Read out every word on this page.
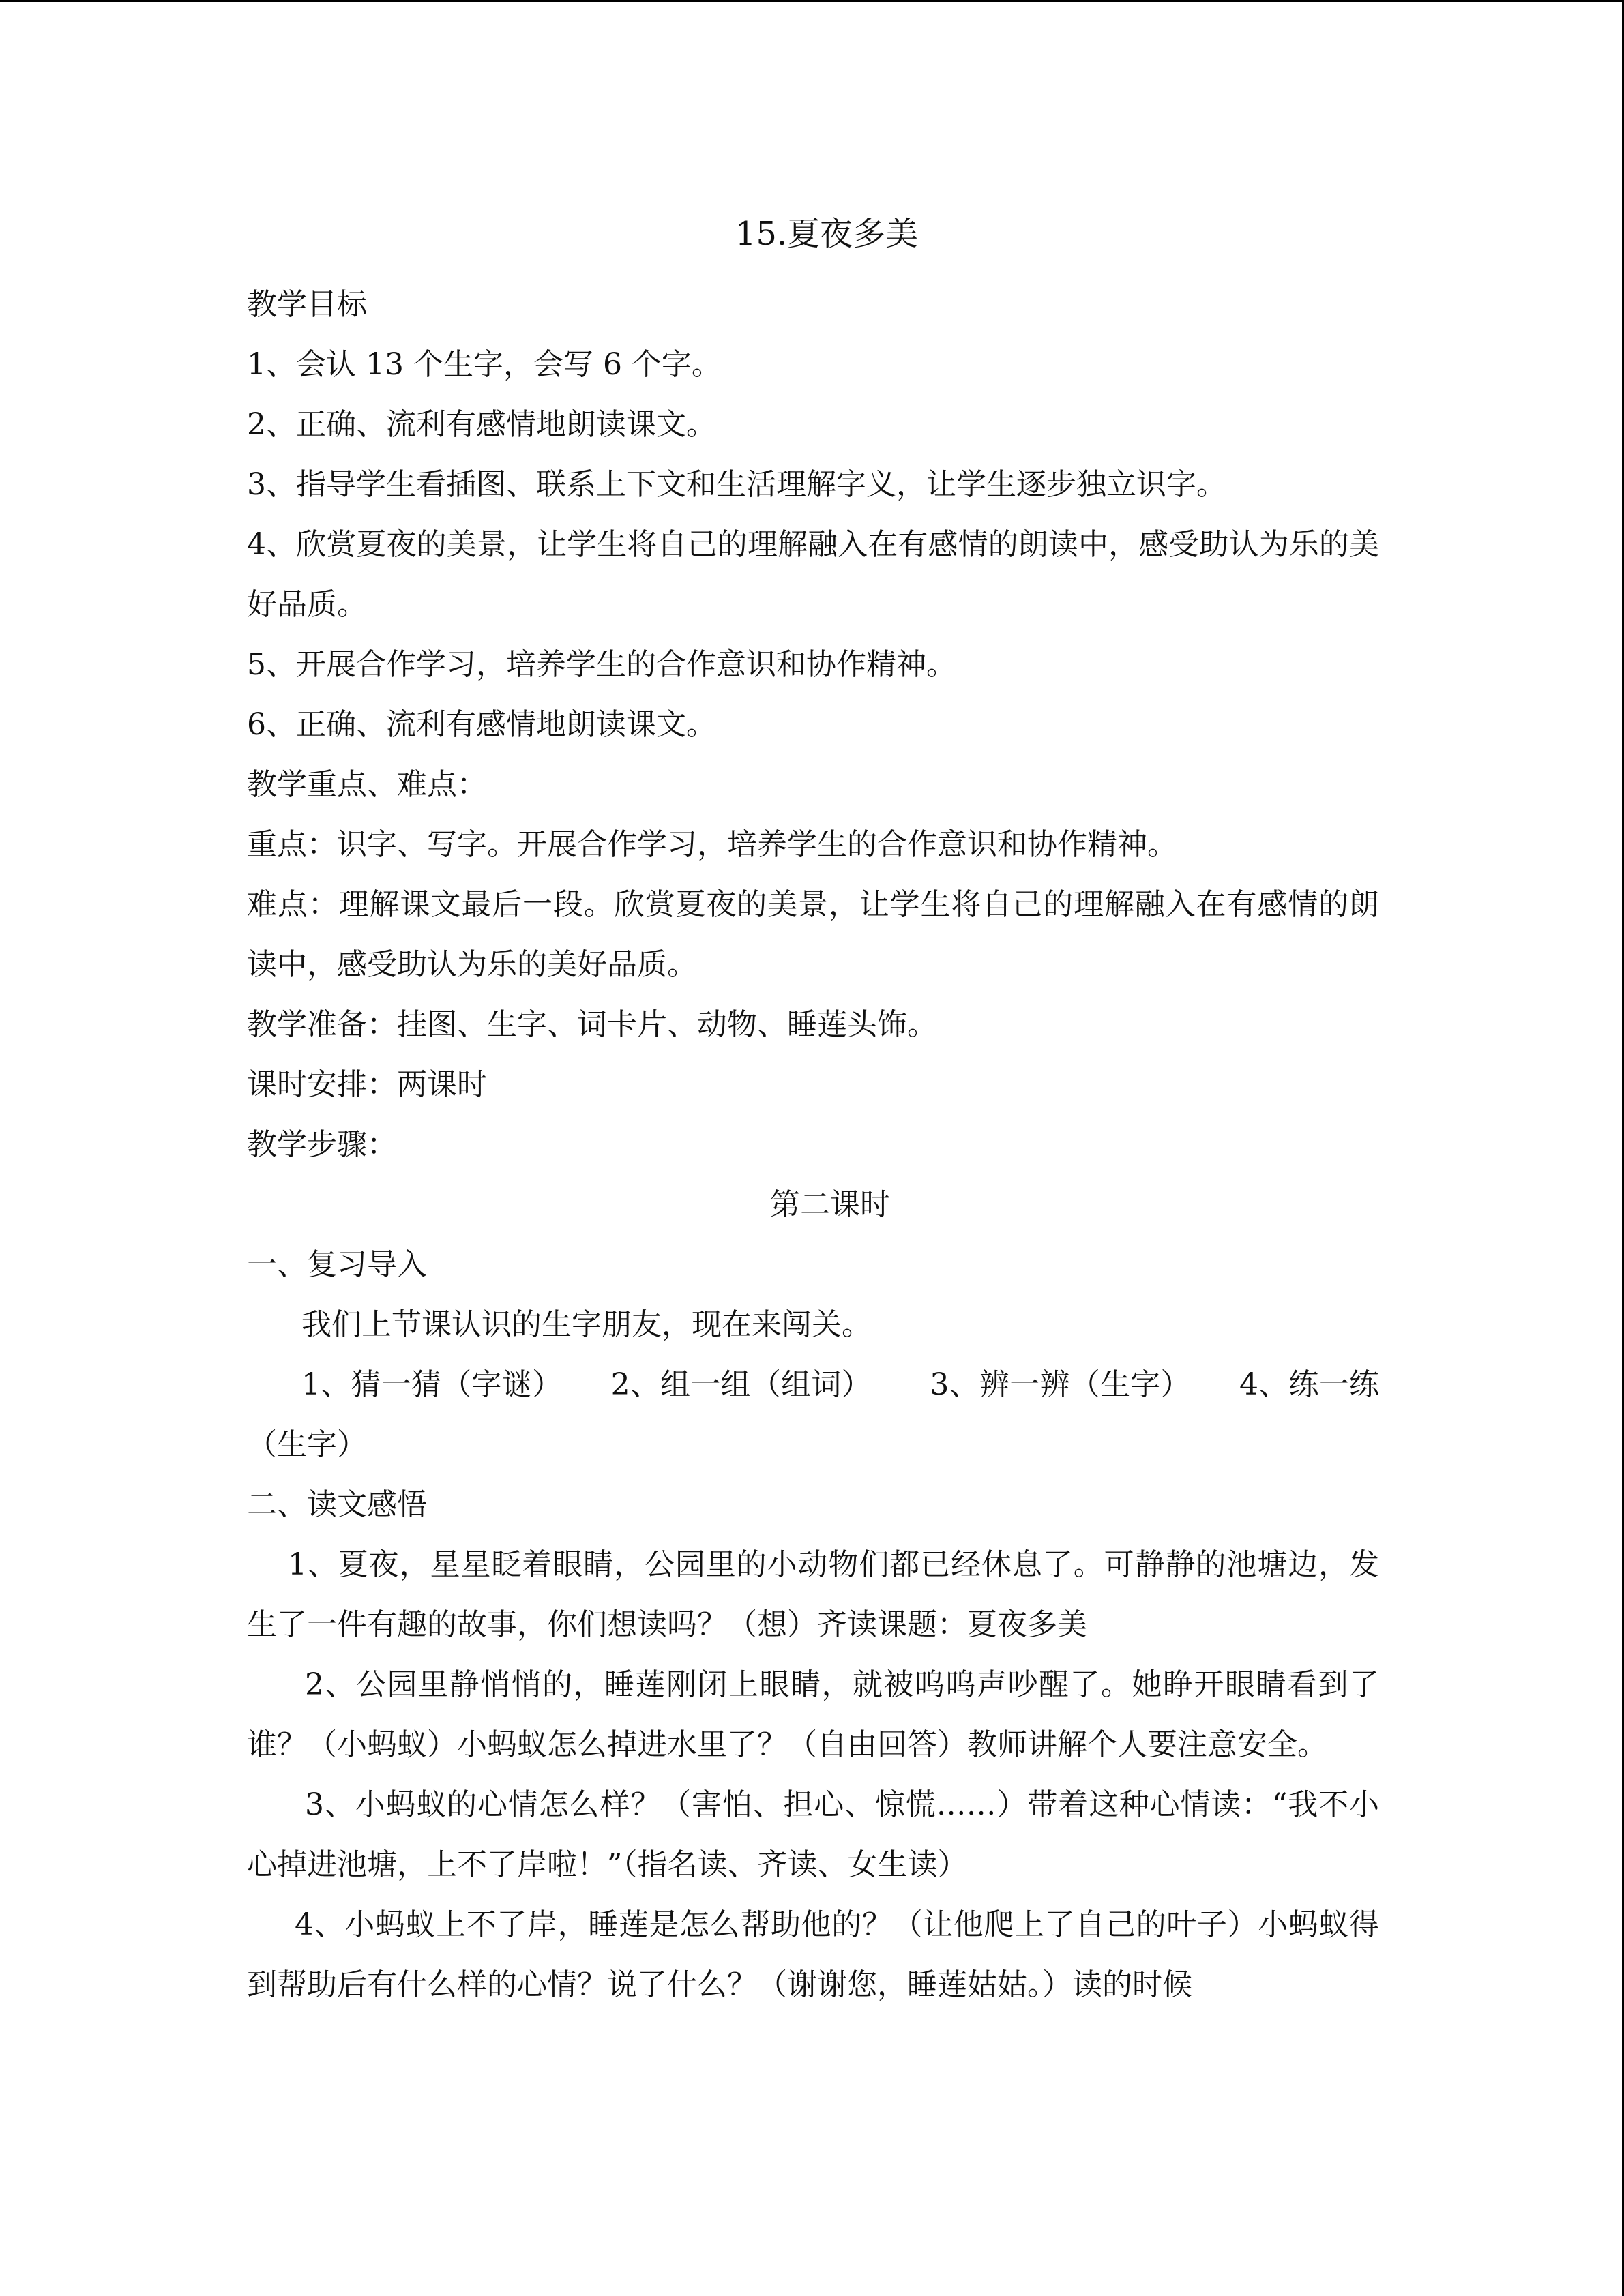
15.夏夜多美

教学目标

1、会认 13 个生字，会写 6 个字。

2、正确、流利有感情地朗读课文。

3、指导学生看插图、联系上下文和生活理解字义，让学生逐步独立识字。

4、欣赏夏夜的美景，让学生将自己的理解融入在有感情的朗读中，感受助认为乐的美好品质。

5、开展合作学习，培养学生的合作意识和协作精神。

6、正确、流利有感情地朗读课文。

教学重点、难点：

重点：识字、写字。开展合作学习，培养学生的合作意识和协作精神。

难点：理解课文最后一段。欣赏夏夜的美景，让学生将自己的理解融入在有感情的朗读中，感受助认为乐的美好品质。

教学准备：挂图、生字、词卡片、动物、睡莲头饰。

课时安排：两课时

教学步骤：

第二课时

一、复习导入

我们上节课认识的生字朋友，现在来闯关。

1、猜一猜（字谜） 2、组一组（组词） 3、辨一辨（生字） 4、练一练（生字）

二、读文感悟

1、夏夜，星星眨着眼睛，公园里的小动物们都已经休息了。可静静的池塘边，发生了一件有趣的故事，你们想读吗？（想）齐读课题：夏夜多美

2、公园里静悄悄的，睡莲刚闭上眼睛，就被呜呜声吵醒了。她睁开眼睛看到了谁？（小蚂蚁）小蚂蚁怎么掉进水里了？（自由回答）教师讲解个人要注意安全。

3、小蚂蚁的心情怎么样？（害怕、担心、惊慌……）带着这种心情读：“我不小心掉进池塘，上不了岸啦！”（指名读、齐读、女生读）

4、小蚂蚁上不了岸，睡莲是怎么帮助他的？（让他爬上了自己的叶子）小蚂蚁得到帮助后有什么样的心情？说了什么？（谢谢您，睡莲姑姑。）读的时候
